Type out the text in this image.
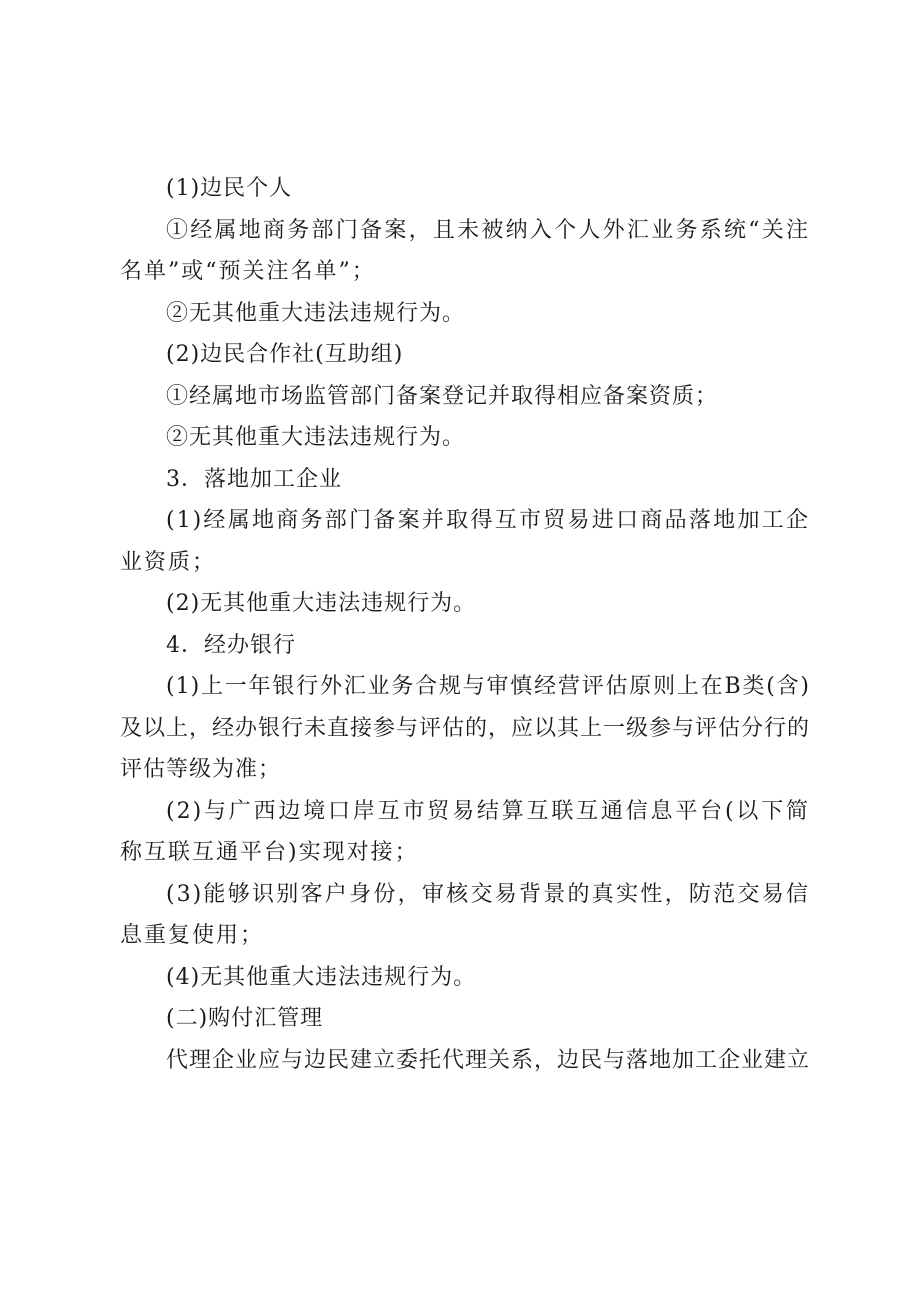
(1)边民个人

①经属地商务部门备案，且未被纳入个人外汇业务系统“关注名单”或“预关注名单”；

②无其他重大违法违规行为。

(2)边民合作社(互助组)

①经属地市场监管部门备案登记并取得相应备案资质；

②无其他重大违法违规行为。

3．落地加工企业

(1)经属地商务部门备案并取得互市贸易进口商品落地加工企业资质；

(2)无其他重大违法违规行为。

4．经办银行

(1)上一年银行外汇业务合规与审慎经营评估原则上在B类(含)及以上，经办银行未直接参与评估的，应以其上一级参与评估分行的评估等级为准；

(2)与广西边境口岸互市贸易结算互联互通信息平台(以下简称互联互通平台)实现对接；

(3)能够识别客户身份，审核交易背景的真实性，防范交易信息重复使用；

(4)无其他重大违法违规行为。

(二)购付汇管理

代理企业应与边民建立委托代理关系，边民与落地加工企业建立
